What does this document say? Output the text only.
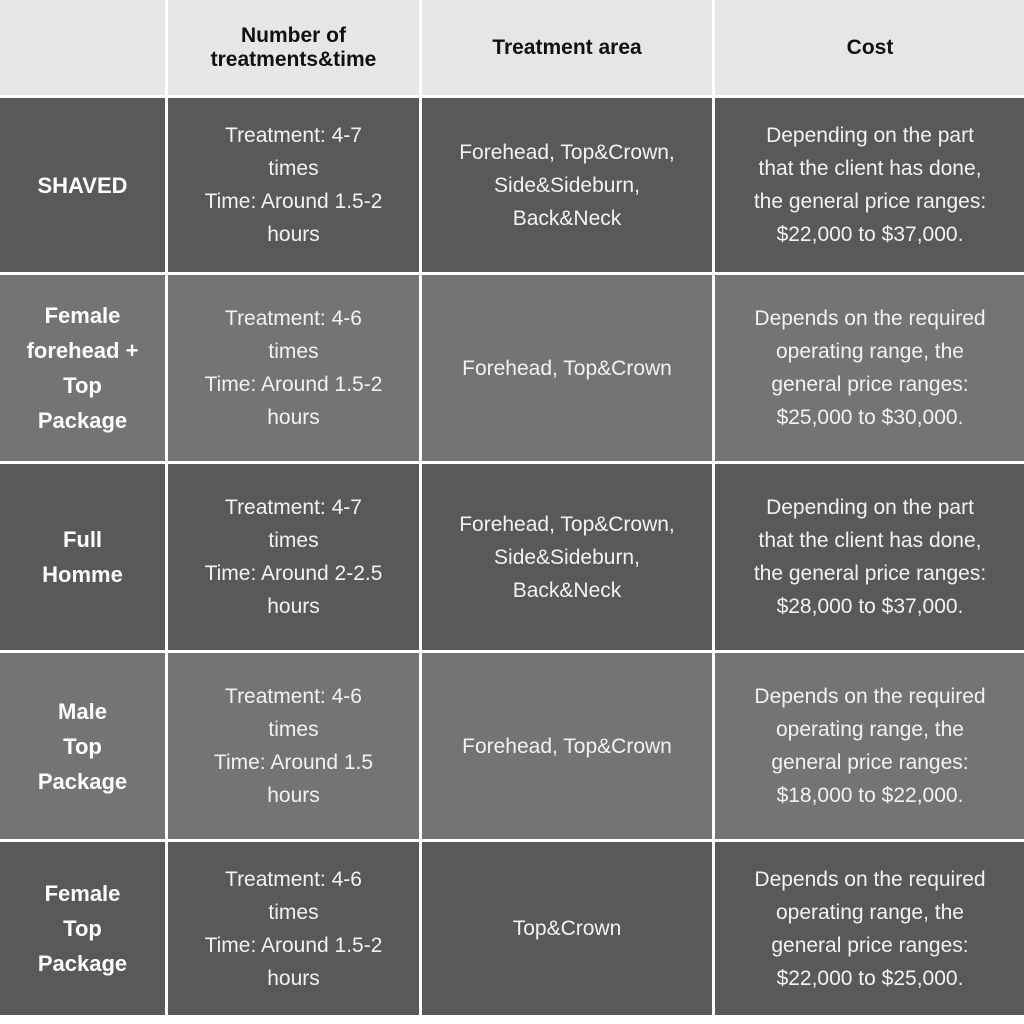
Number of
treatments&time
Treatment area	Cost
SHAVED
Treatment: 4-7
times
Time: Around 1.5-2
hours
Forehead, Top&Crown,
Side&Sideburn,
Back&Neck
Depending on the part
that the client has done,
the general price ranges:
$22,000 to $37,000.
Female
forehead +
Top
Package
Treatment: 4-6
times
Time: Around 1.5-2
hours
Forehead, Top&Crown
Depends on the required
operating range, the
general price ranges:
$25,000 to $30,000.
Full
Homme
Treatment: 4-7
times
Time: Around 2-2.5
hours
Forehead, Top&Crown,
Side&Sideburn,
Back&Neck
Depending on the part
that the client has done,
the general price ranges:
$28,000 to $37,000.
Male
Top
Package
Treatment: 4-6
times
Time: Around 1.5
hours
Forehead, Top&Crown
Depends on the required
operating range, the
general price ranges:
$18,000 to $22,000.
Female
Top
Package
Treatment: 4-6
times
Time: Around 1.5-2
hours
Top&Crown
Depends on the required
operating range, the
general price ranges:
$22,000 to $25,000.
